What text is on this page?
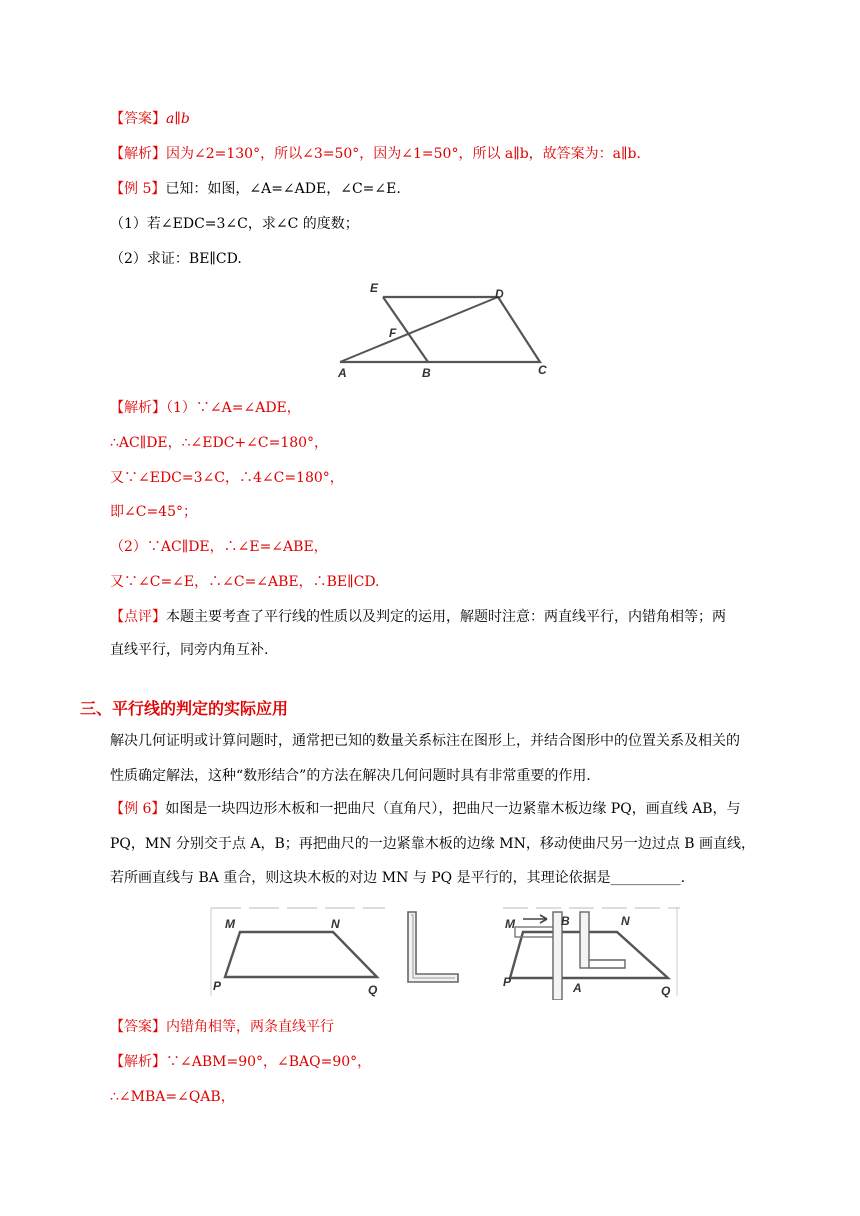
【答案】a∥b
【解析】因为∠2=130°，所以∠3=50°，因为∠1=50°，所以 a∥b，故答案为：a∥b.
【例 5】已知：如图，∠A=∠ADE，∠C=∠E.
（1）若∠EDC=3∠C，求∠C 的度数；
（2）求证：BE∥CD.
E	D
F
A	B	C
【解析】（1）∵∠A=∠ADE，
∴AC∥DE，∴∠EDC+∠C=180°，
又∵∠EDC=3∠C，∴4∠C=180°，
即∠C=45°；
（2）∵AC∥DE，∴∠E=∠ABE，
又∵∠C=∠E，∴∠C=∠ABE，∴BE∥CD.
【点评】本题主要考查了平行线的性质以及判定的运用，解题时注意：两直线平行，内错角相等；两
直线平行，同旁内角互补.
三、平行线的判定的实际应用
解决几何证明或计算问题时，通常把已知的数量关系标注在图形上，并结合图形中的位置关系及相关的
性质确定解法，这种“数形结合”的方法在解决几何问题时具有非常重要的作用.
【例 6】如图是一块四边形木板和一把曲尺（直角尺），把曲尺一边紧靠木板边缘 PQ，画直线 AB，与
PQ，MN 分别交于点 A，B；再把曲尺的一边紧靠木板的边缘 MN，移动使曲尺另一边过点 B 画直线，
若所画直线与 BA 重合，则这块木板的对边 MN 与 PQ 是平行的，其理论依据是__________.
M	N
P	Q
M	B	N
P	A	Q
【答案】内错角相等，两条直线平行
【解析】∵∠ABM=90°，∠BAQ=90°，
∴∠MBA=∠QAB，
